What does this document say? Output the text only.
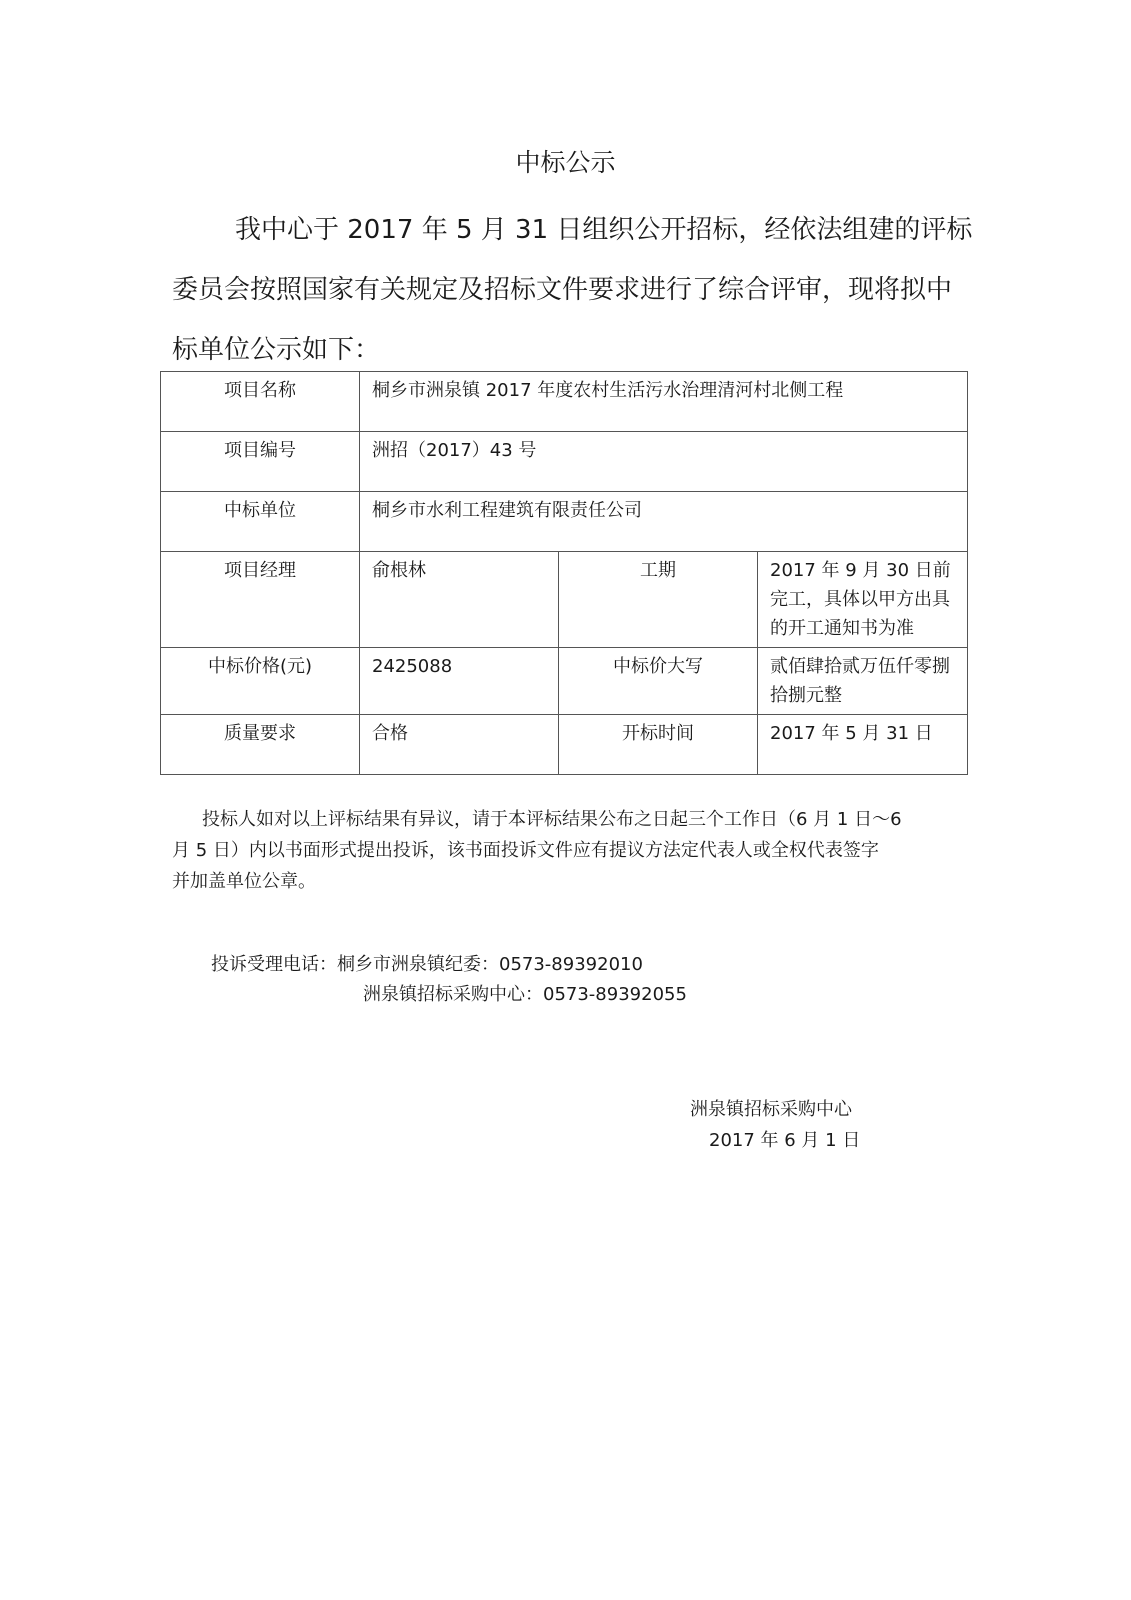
中标公示
我中心于 2017 年 5 月 31 日组织公开招标，经依法组建的评标
委员会按照国家有关规定及招标文件要求进行了综合评审，现将拟中
标单位公示如下：
项目名称	桐乡市洲泉镇 2017 年度农村生活污水治理清河村北侧工程		
项目编号	洲招（2017）43 号		
中标单位	桐乡市水利工程建筑有限责任公司		
项目经理	俞根林	工期	2017 年 9 月 30 日前完工，具体以甲方出具的开工通知书为准
中标价格(元)	2425088	中标价大写	贰佰肆拾贰万伍仟零捌拾捌元整
质量要求	合格	开标时间	2017 年 5 月 31 日
投标人如对以上评标结果有异议，请于本评标结果公布之日起三个工作日（6 月 1 日～6
月 5 日）内以书面形式提出投诉，该书面投诉文件应有提议方法定代表人或全权代表签字
并加盖单位公章。
投诉受理电话：桐乡市洲泉镇纪委：0573-89392010
洲泉镇招标采购中心：0573-89392055
洲泉镇招标采购中心
2017 年 6 月 1 日
